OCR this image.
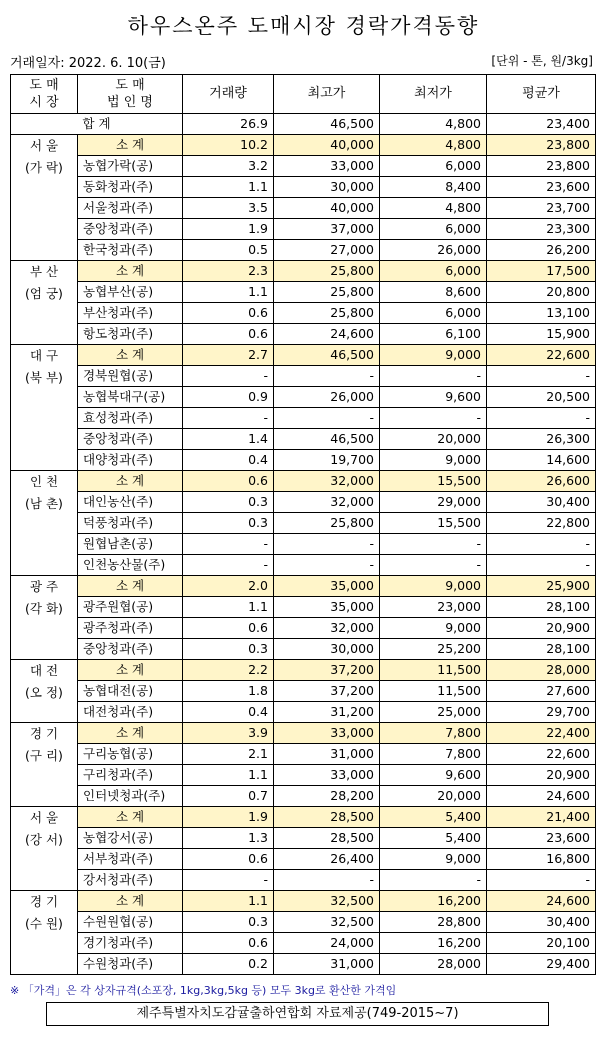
하우스온주 도매시장 경락가격동향
거래일자: 2022. 6. 10(금)	[단위 - 톤, 원/3kg]
도 매
시 장	도 매
법 인 명	거래량	최고가	최저가	평균가
합 계		26.9	46,500	4,800	23,400

서 울
(가 락)	소 계	10.2	40,000	4,800	23,800
	농협가락(공)	3.2	33,000	6,000	23,800
	동화청과(주)	1.1	30,000	8,400	23,600
	서울청과(주)	3.5	40,000	4,800	23,700
	중앙청과(주)	1.9	37,000	6,000	23,300
	한국청과(주)	0.5	27,000	26,000	26,200

부 산
(엄 궁)	소 계	2.3	25,800	6,000	17,500
	농협부산(공)	1.1	25,800	8,600	20,800
	부산청과(주)	0.6	25,800	6,000	13,100
	항도청과(주)	0.6	24,600	6,100	15,900

대 구
(북 부)	소 계	2.7	46,500	9,000	22,600
	경북원협(공)	-	-	-	-
	농협북대구(공)	0.9	26,000	9,600	20,500
	효성청과(주)	-	-	-	-
	중앙청과(주)	1.4	46,500	20,000	26,300
	대양청과(주)	0.4	19,700	9,000	14,600

인 천
(남 촌)	소 계	0.6	32,000	15,500	26,600
	대인농산(주)	0.3	32,000	29,000	30,400
	덕풍청과(주)	0.3	25,800	15,500	22,800
	원협남촌(공)	-	-	-	-
	인천농산물(주)	-	-	-	-

광 주
(각 화)	소 계	2.0	35,000	9,000	25,900
	광주원협(공)	1.1	35,000	23,000	28,100
	광주청과(주)	0.6	32,000	9,000	20,900
	중앙청과(주)	0.3	30,000	25,200	28,100

대 전
(오 정)	소 계	2.2	37,200	11,500	28,000
	농협대전(공)	1.8	37,200	11,500	27,600
	대전청과(주)	0.4	31,200	25,000	29,700

경 기
(구 리)	소 계	3.9	33,000	7,800	22,400
	구리농협(공)	2.1	31,000	7,800	22,600
	구리청과(주)	1.1	33,000	9,600	20,900
	인터넷청과(주)	0.7	28,200	20,000	24,600

서 울
(강 서)	소 계	1.9	28,500	5,400	21,400
	농협강서(공)	1.3	28,500	5,400	23,600
	서부청과(주)	0.6	26,400	9,000	16,800
	강서청과(주)	-	-	-	-

경 기
(수 원)	소 계	1.1	32,500	16,200	24,600
	수원원협(공)	0.3	32,500	28,800	30,400
	경기청과(주)	0.6	24,000	16,200	20,100
	수원청과(주)	0.2	31,000	28,000	29,400
※ 「가격」은 각 상자규격(소포장, 1kg,3kg,5kg 등) 모두 3kg로 환산한 가격임
제주특별자치도감귤출하연합회 자료제공(749-2015~7)
